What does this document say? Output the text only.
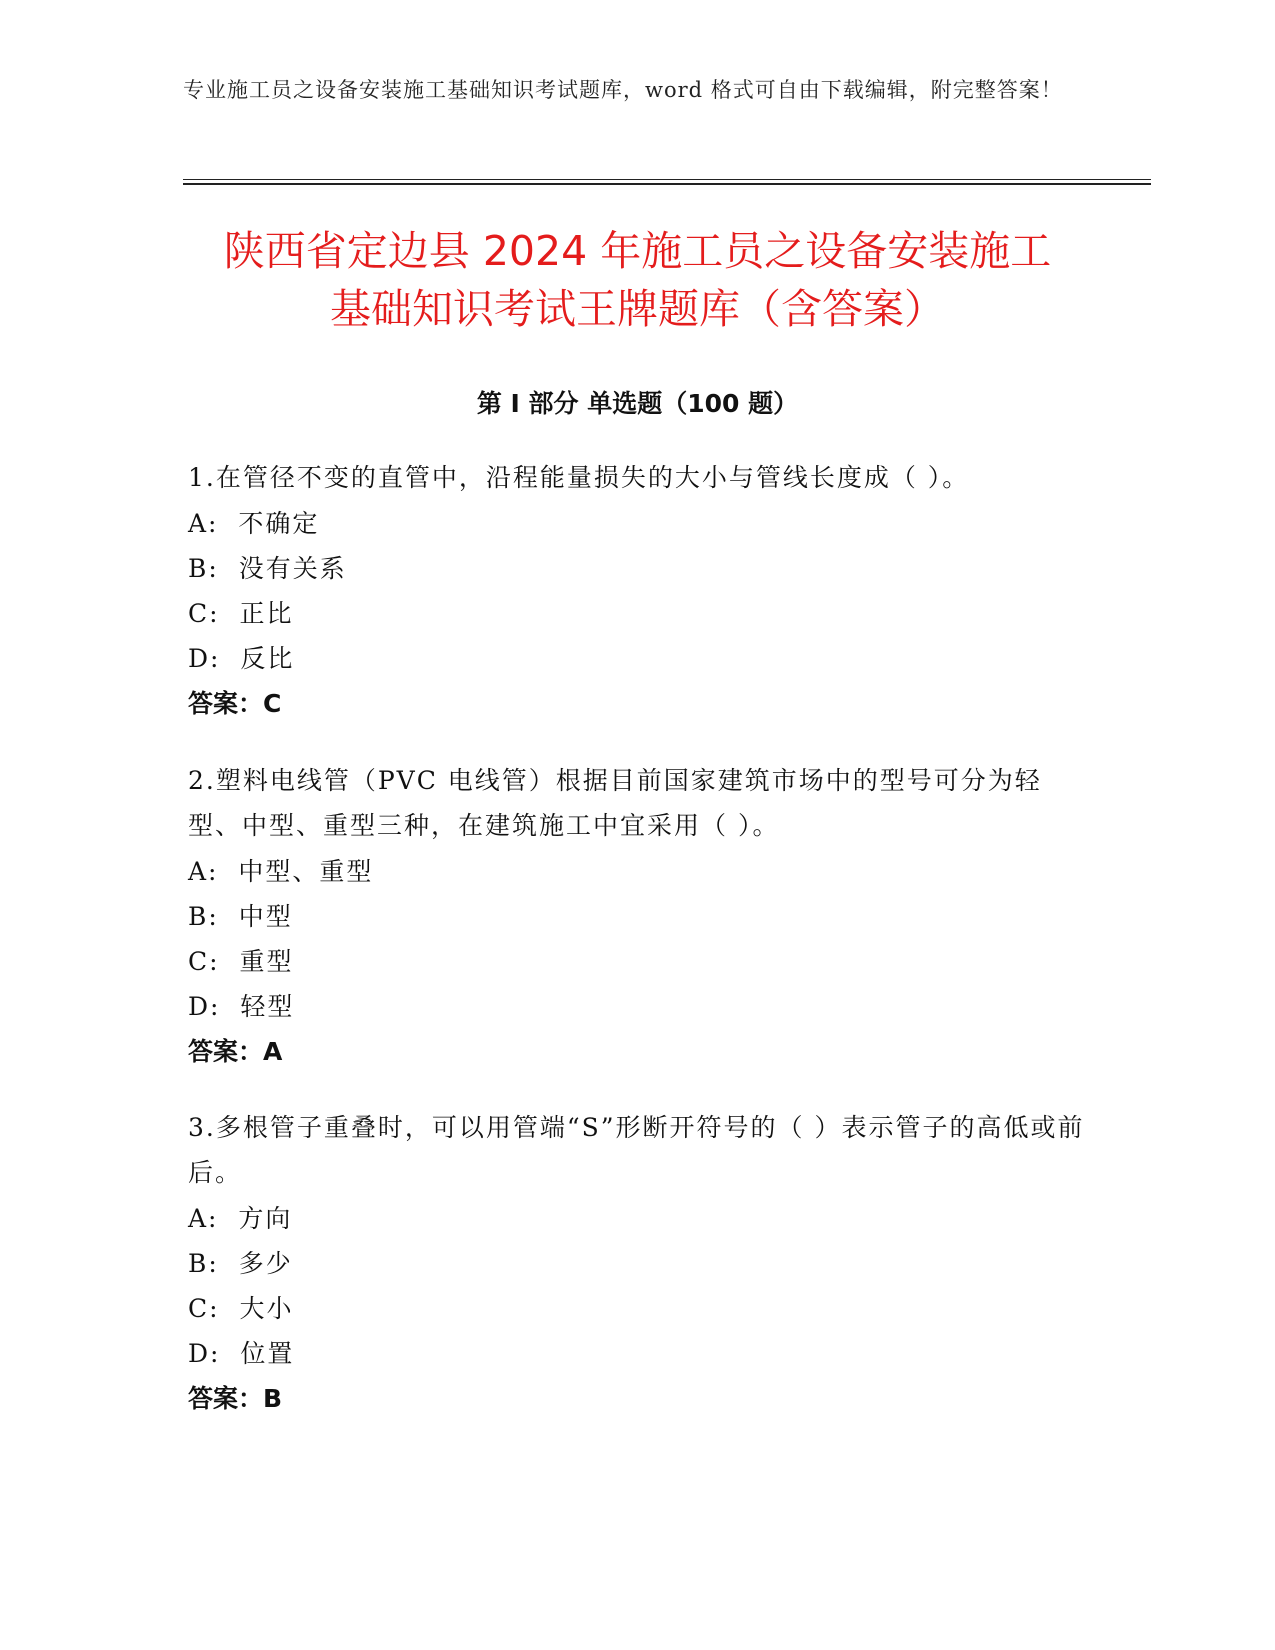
专业施工员之设备安装施工基础知识考试题库，word 格式可自由下载编辑，附完整答案！
陕西省定边县 2024 年施工员之设备安装施工
基础知识考试王牌题库（含答案）
第 I 部分 单选题（100 题）
1.在管径不变的直管中，沿程能量损失的大小与管线长度成（ ）。
A:  不确定
B:  没有关系
C:  正比
D:  反比
答案：C
2.塑料电线管（PVC 电线管）根据目前国家建筑市场中的型号可分为轻型、中型、重型三种，在建筑施工中宜采用（ ）。
A:  中型、重型
B:  中型
C:  重型
D:  轻型
答案：A
3.多根管子重叠时，可以用管端“S”形断开符号的（ ）表示管子的高低或前后。
A:  方向
B:  多少
C:  大小
D:  位置
答案：B
